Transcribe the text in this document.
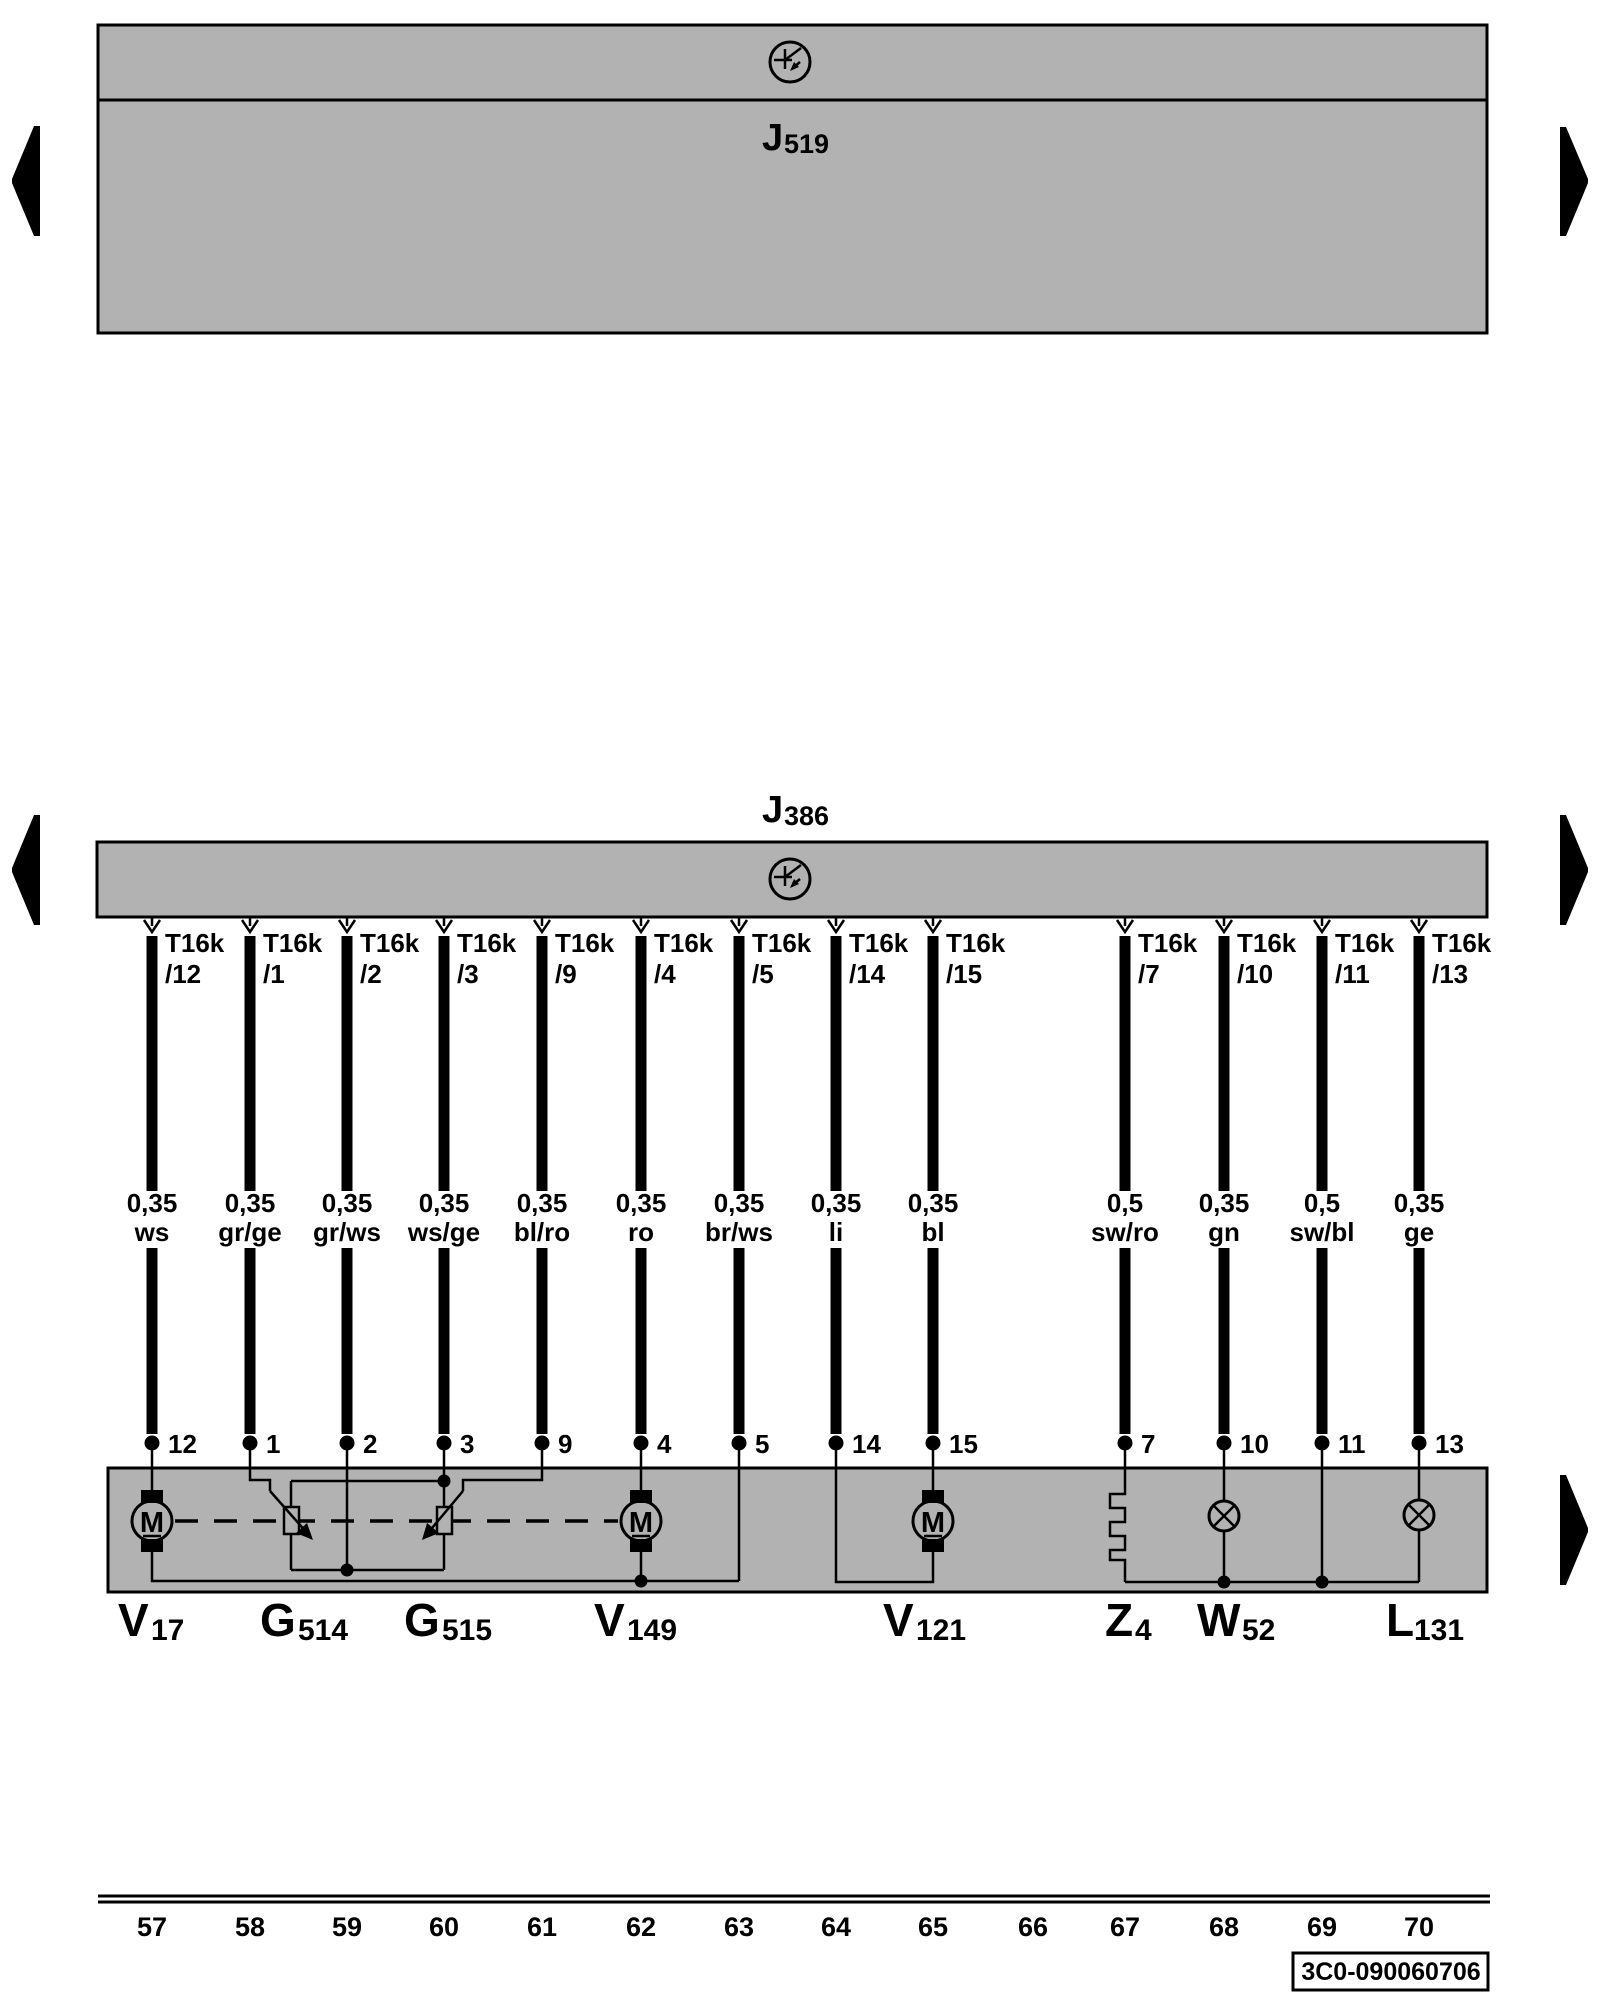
J 519
J 386
T16k
/12
0,35
ws
12
T16k
/1
0,35
gr/ge
1
T16k
/2
0,35
gr/ws
2
T16k
/3
0,35
ws/ge
3
T16k
/9
0,35
bl/ro
9
T16k
/4
0,35
ro
4
T16k
/5
0,35
br/ws
5
T16k
/14
0,35
li
14
T16k
/15
0,35
bl
15
T16k
/7
0,5
sw/ro
7
T16k
/10
0,35
gn
10
T16k
/11
0,5
sw/bl
11
T16k
/13
0,35
ge
13
M	M	M
V 17 G 514 G 515 V 149	V 121	Z 4 W 52 L 131
57	58 59 60	61	62	63 64 65	66 67	68	69 70
3C0-090060706
